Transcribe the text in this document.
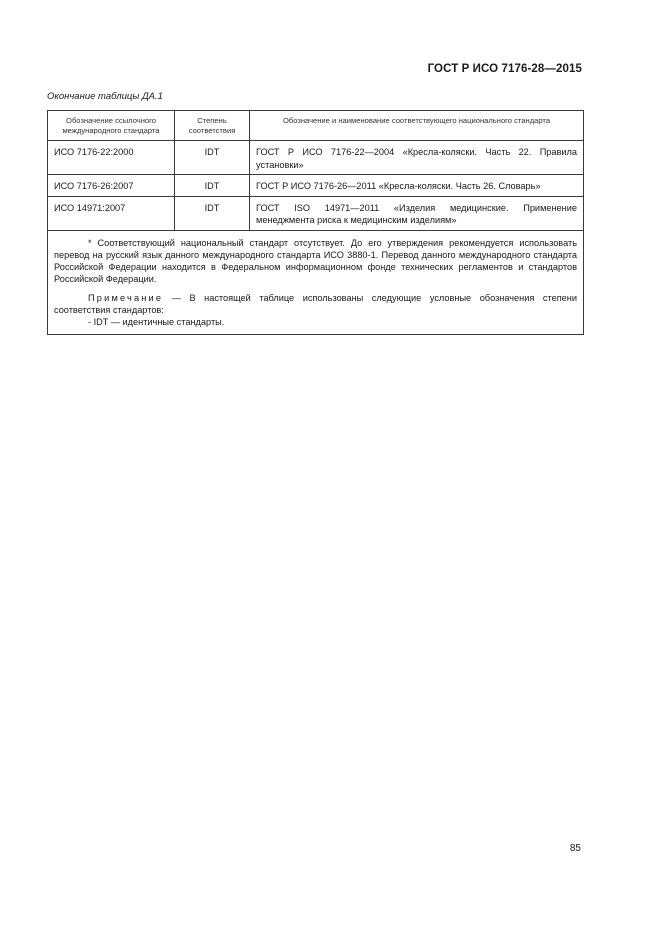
ГОСТ Р ИСО 7176-28—2015
Окончание таблицы ДА.1
Обозначение ссылочного международного стандарта	Степень соответствия	Обозначение и наименование соответствующего национального стандарта
ИСО 7176-22:2000	IDT	ГОСТ Р ИСО 7176-22—2004 «Кресла-коляски. Часть 22. Правила установки»
ИСО 7176-26:2007	IDT	ГОСТ Р ИСО 7176-26—2011 «Кресла-коляски. Часть 26. Словарь»
ИСО 14971:2007	IDT	ГОСТ ISO 14971—2011 «Изделия медицинские. Применение менеджмента риска к медицинским изделиям»

* Соответствующий национальный стандарт отсутствует. До его утверждения рекомендуется использовать перевод на русский язык данного международного стандарта ИСО 3880-1. Перевод данного международного стандарта Российской Федерации находится в Федеральном информационном фонде технических регламентов и стандартов Российской Федерации.

Примечание — В настоящей таблице использованы следующие условные обозначения степени соответствия стандартов:

- IDT — идентичные стандарты.		

85
